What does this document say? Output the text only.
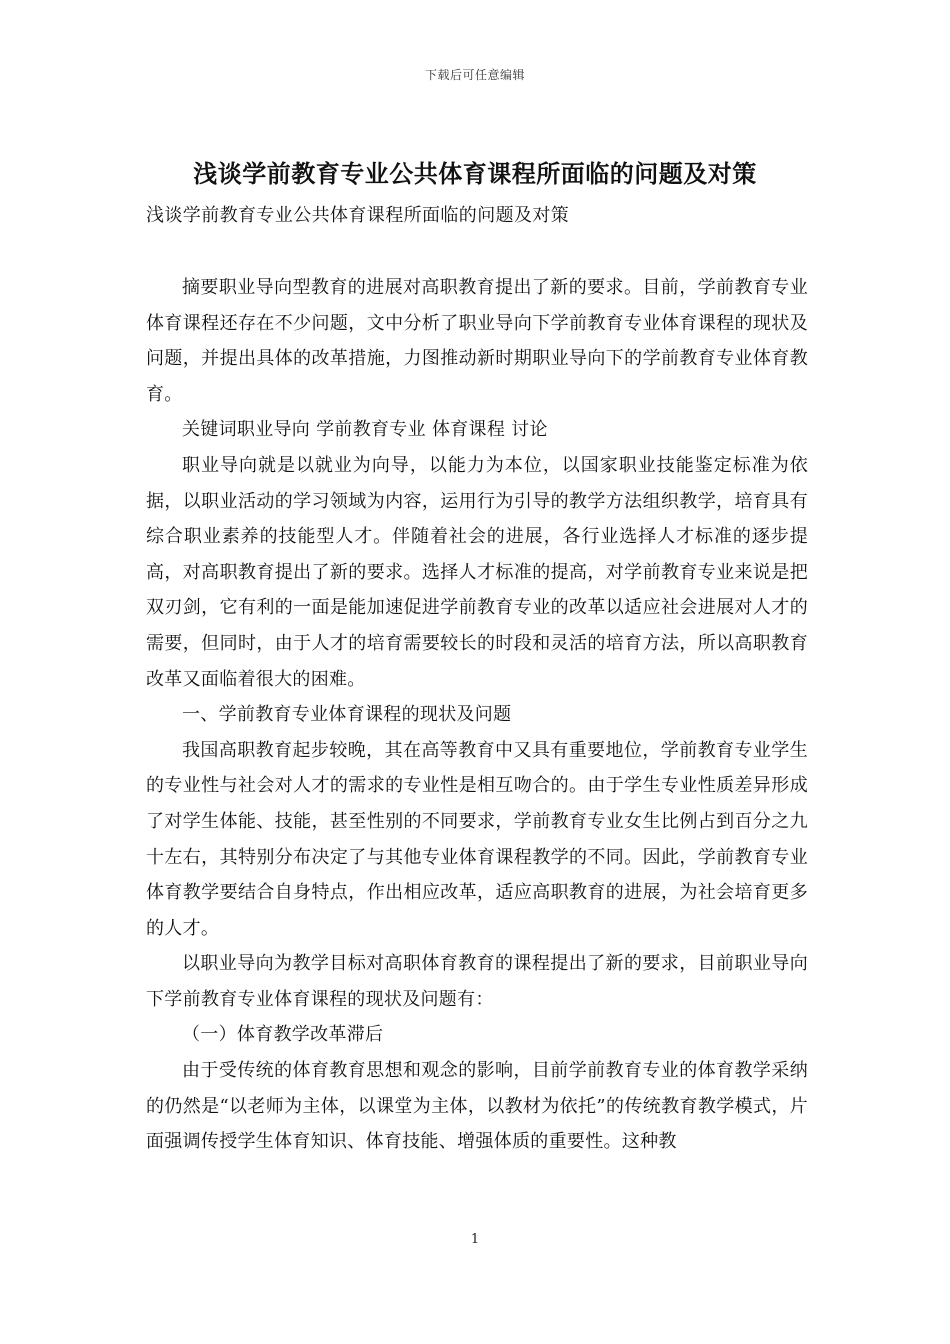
下载后可任意编辑
浅谈学前教育专业公共体育课程所面临的问题及对策
浅谈学前教育专业公共体育课程所面临的问题及对策

摘要职业导向型教育的进展对高职教育提出了新的要求。目前，学前教育专业体育课程还存在不少问题，文中分析了职业导向下学前教育专业体育课程的现状及问题，并提出具体的改革措施，力图推动新时期职业导向下的学前教育专业体育教育。

关键词职业导向 学前教育专业 体育课程 讨论

职业导向就是以就业为向导，以能力为本位，以国家职业技能鉴定标准为依据，以职业活动的学习领域为内容，运用行为引导的教学方法组织教学，培育具有综合职业素养的技能型人才。伴随着社会的进展，各行业选择人才标准的逐步提高，对高职教育提出了新的要求。选择人才标准的提高，对学前教育专业来说是把双刃剑，它有利的一面是能加速促进学前教育专业的改革以适应社会进展对人才的需要，但同时，由于人才的培育需要较长的时段和灵活的培育方法，所以高职教育改革又面临着很大的困难。

一、学前教育专业体育课程的现状及问题

我国高职教育起步较晚，其在高等教育中又具有重要地位，学前教育专业学生的专业性与社会对人才的需求的专业性是相互吻合的。由于学生专业性质差异形成了对学生体能、技能，甚至性别的不同要求，学前教育专业女生比例占到百分之九十左右，其特别分布决定了与其他专业体育课程教学的不同。因此，学前教育专业体育教学要结合自身特点，作出相应改革，适应高职教育的进展，为社会培育更多的人才。

以职业导向为教学目标对高职体育教育的课程提出了新的要求，目前职业导向下学前教育专业体育课程的现状及问题有：

（一）体育教学改革滞后

由于受传统的体育教育思想和观念的影响，目前学前教育专业的体育教学采纳的仍然是“以老师为主体，以课堂为主体，以教材为依托”的传统教育教学模式，片面强调传授学生体育知识、体育技能、增强体质的重要性。这种教

1
